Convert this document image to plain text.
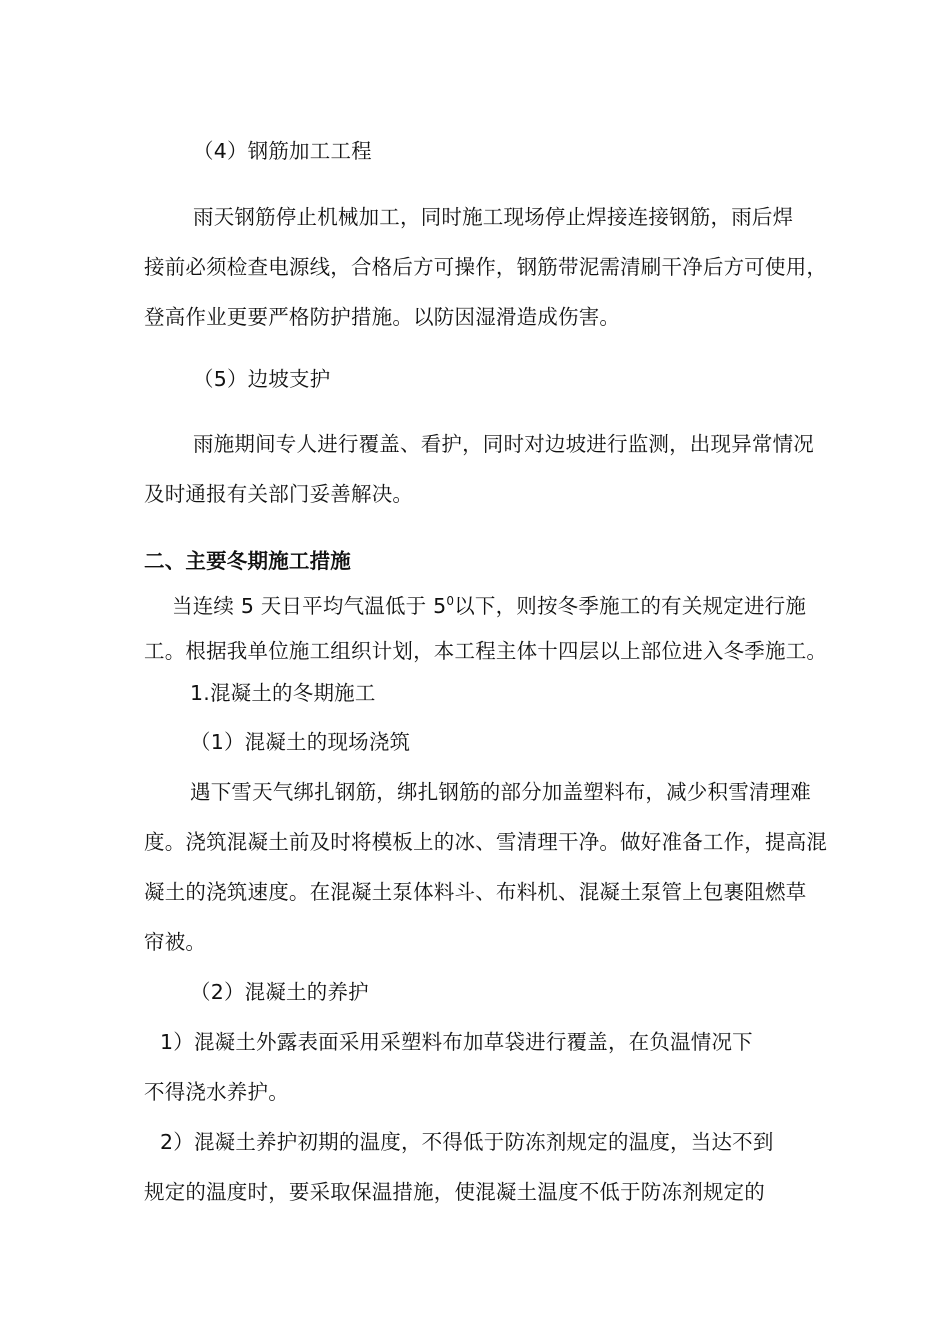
（4）钢筋加工工程
雨天钢筋停止机械加工，同时施工现场停止焊接连接钢筋，雨后焊
接前必须检查电源线，合格后方可操作，钢筋带泥需清刷干净后方可使用，
登高作业更要严格防护措施。以防因湿滑造成伤害。
（5）边坡支护
雨施期间专人进行覆盖、看护，同时对边坡进行监测，出现异常情况
及时通报有关部门妥善解决。
二、主要冬期施工措施
当连续 5 天日平均气温低于 $5^0$以下，则按冬季施工的有关规定进行施
工。根据我单位施工组织计划，本工程主体十四层以上部位进入冬季施工。
1.混凝土的冬期施工
（1）混凝土的现场浇筑
遇下雪天气绑扎钢筋，绑扎钢筋的部分加盖塑料布，减少积雪清理难
度。浇筑混凝土前及时将模板上的冰、雪清理干净。做好准备工作，提高混
凝土的浇筑速度。在混凝土泵体料斗、布料机、混凝土泵管上包裹阻燃草
帘被。
（2）混凝土的养护
1）混凝土外露表面采用采塑料布加草袋进行覆盖，在负温情况下
不得浇水养护。
2）混凝土养护初期的温度，不得低于防冻剂规定的温度，当达不到
规定的温度时，要采取保温措施，使混凝土温度不低于防冻剂规定的
